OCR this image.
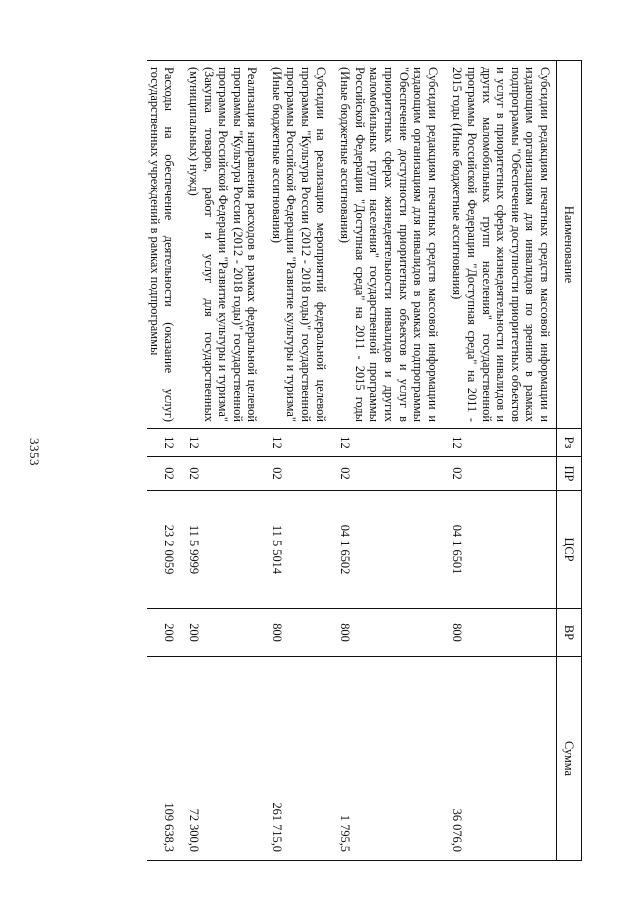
3353
Наименование	Рз	ПР	ЦСР	ВР	Сумма
Субсидии редакциям печатных средств массовой информации и издающим организациям для инвалидов по зрению в рамках подпрограммы "Обеспечение доступности приоритетных объектов и услуг в приоритетных сферах жизнедеятельности инвалидов и других маломобильных групп населения" государственной программы Российской Федерации "Доступная среда" на 2011 - 2015 годы (Иные бюджетные ассигнования)	12	02	04 1 6501	800	36 076,0
Субсидии редакциям печатных средств массовой информации и издающим организациям для инвалидов в рамках подпрограммы "Обеспечение доступности приоритетных объектов и услуг в приоритетных сферах жизнедеятельности инвалидов и других маломобильных групп населения" государственной программы Российской Федерации "Доступная среда" на 2011 - 2015 годы (Иные бюджетные ассигнования)	12	02	04 1 6502	800	1 795,5
Субсидии на реализацию мероприятий федеральной целевой программы "Культура России (2012 - 2018 годы)" государственной программы Российской Федерации "Развитие культуры и туризма" (Иные бюджетные ассигнования)	12	02	11 5 5014	800	261 715,0
Реализация направления расходов в рамках федеральной целевой программы "Культура России (2012 - 2018 годы)" государственной программы Российской Федерации "Развитие культуры и туризма" (Закупка товаров, работ и услуг для государственных (муниципальных) нужд)	12	02	11 5 9999	200	72 300,0
Расходы на обеспечение деятельности (оказание услуг) государственных учреждений в рамках подпрограммы	12	02	23 2 0059	200	109 638,3
